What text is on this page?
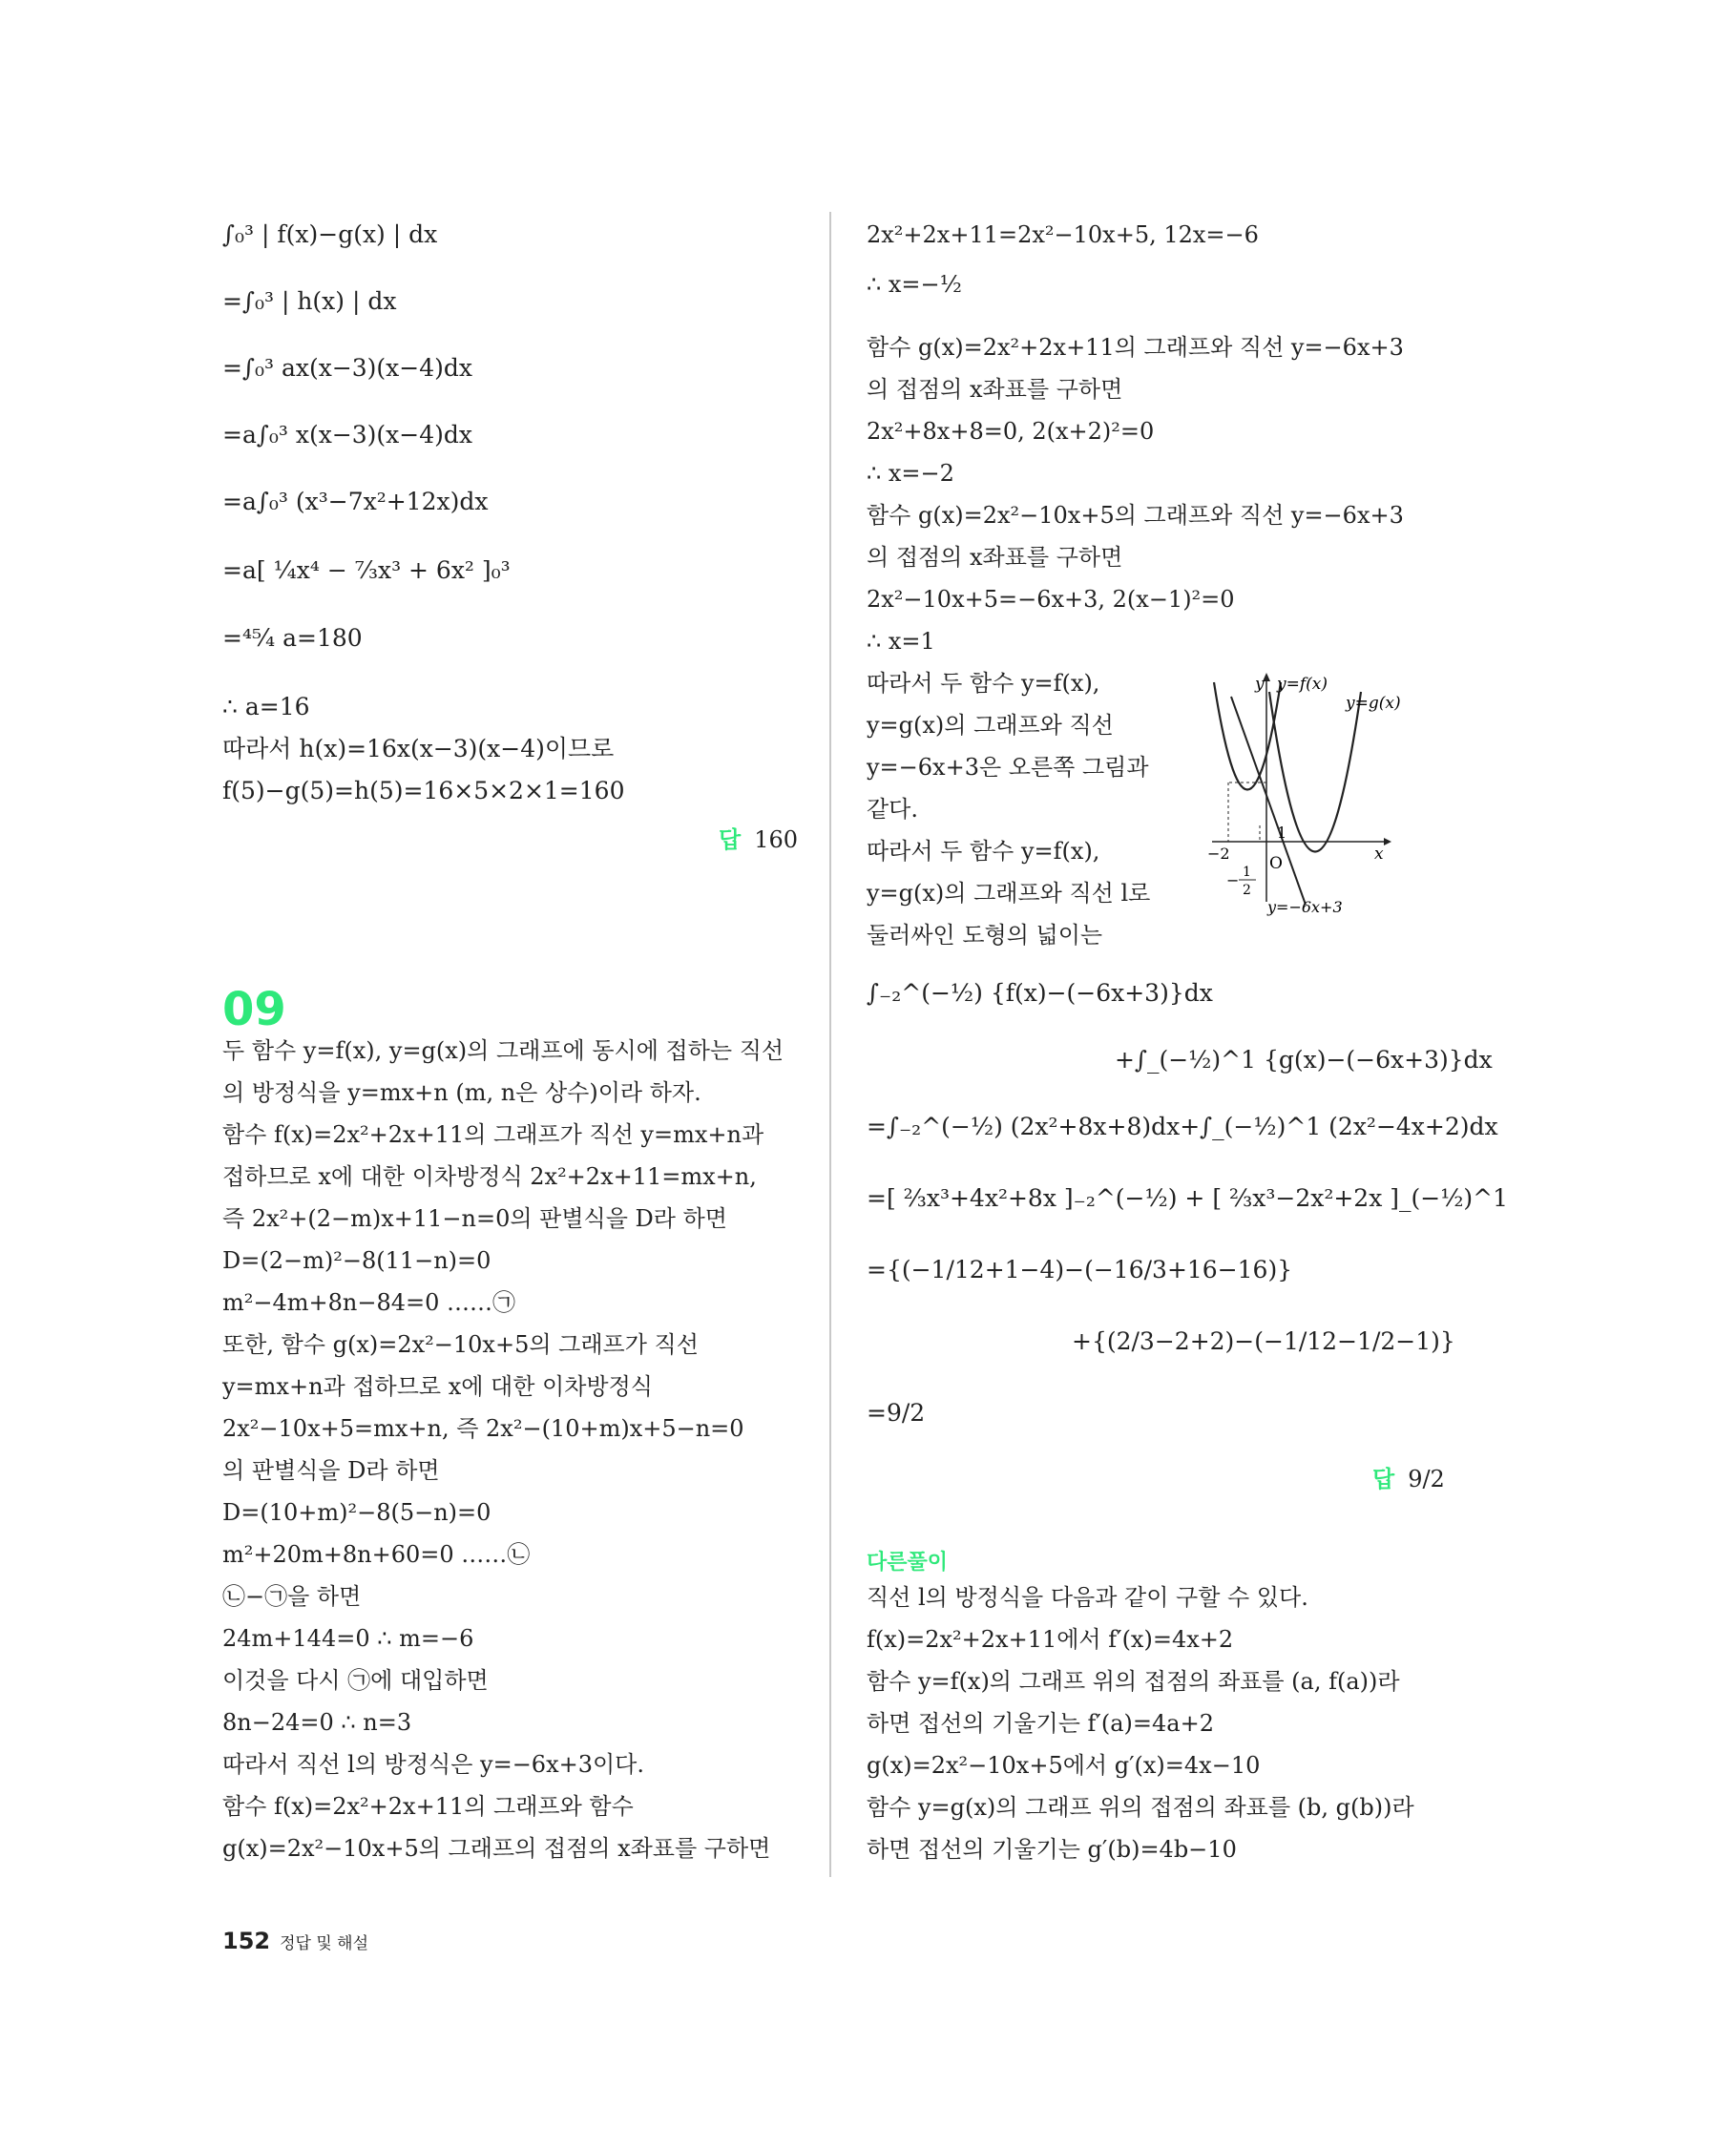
∫₀³ | f(x)−g(x) | dx
=∫₀³ | h(x) | dx
=∫₀³ ax(x−3)(x−4)dx
=a∫₀³ x(x−3)(x−4)dx
=a∫₀³ (x³−7x²+12x)dx
=a[ ¼x⁴ − ⁷⁄₃x³ + 6x² ]₀³
=⁴⁵⁄₄ a=180
∴ a=16
따라서 h(x)=16x(x−3)(x−4)이므로
f(5)−g(5)=h(5)=16×5×2×1=160
답 160
09
두 함수 y=f(x), y=g(x)의 그래프에 동시에 접하는 직선
의 방정식을 y=mx+n (m, n은 상수)이라 하자.
함수 f(x)=2x²+2x+11의 그래프가 직선 y=mx+n과
접하므로 x에 대한 이차방정식 2x²+2x+11=mx+n,
즉 2x²+(2−m)x+11−n=0의 판별식을 D라 하면
D=(2−m)²−8(11−n)=0
m²−4m+8n−84=0 ……㉠
또한, 함수 g(x)=2x²−10x+5의 그래프가 직선
y=mx+n과 접하므로 x에 대한 이차방정식
2x²−10x+5=mx+n, 즉 2x²−(10+m)x+5−n=0
의 판별식을 D라 하면
D=(10+m)²−8(5−n)=0
m²+20m+8n+60=0 ……㉡
㉡−㉠을 하면
24m+144=0 ∴ m=−6
이것을 다시 ㉠에 대입하면
8n−24=0 ∴ n=3
따라서 직선 l의 방정식은 y=−6x+3이다.
함수 f(x)=2x²+2x+11의 그래프와 함수
g(x)=2x²−10x+5의 그래프의 접점의 x좌표를 구하면
2x²+2x+11=2x²−10x+5, 12x=−6
∴ x=−½
함수 g(x)=2x²+2x+11의 그래프와 직선 y=−6x+3
의 접점의 x좌표를 구하면
2x²+8x+8=0, 2(x+2)²=0
∴ x=−2
함수 g(x)=2x²−10x+5의 그래프와 직선 y=−6x+3
의 접점의 x좌표를 구하면
2x²−10x+5=−6x+3, 2(x−1)²=0
∴ x=1
따라서 두 함수 y=f(x),
y=g(x)의 그래프와 직선
y=−6x+3은 오른쪽 그림과
같다.
따라서 두 함수 y=f(x),
y=g(x)의 그래프와 직선 l로
둘러싸인 도형의 넓이는
∫₋₂^(−½) {f(x)−(−6x+3)}dx
+∫_(−½)^1 {g(x)−(−6x+3)}dx
=∫₋₂^(−½) (2x²+8x+8)dx+∫_(−½)^1 (2x²−4x+2)dx
=[ ⅔x³+4x²+8x ]₋₂^(−½) + [ ⅔x³−2x²+2x ]_(−½)^1
={(−1/12+1−4)−(−16/3+16−16)}
+{(2/3−2+2)−(−1/12−1/2−1)}
=9/2
답 9/2
직선 l의 방정식을 다음과 같이 구할 수 있다.
f(x)=2x²+2x+11에서 f′(x)=4x+2
함수 y=f(x)의 그래프 위의 접점의 좌표를 (a, f(a))라
하면 접선의 기울기는 f′(a)=4a+2
g(x)=2x²−10x+5에서 g′(x)=4x−10
함수 y=g(x)의 그래프 위의 접점의 좌표를 (b, g(b))라
하면 접선의 기울기는 g′(b)=4b−10
다른풀이
y y=f(x)
y=g(x)
x
O
1
−2
− 1
2
y=−6x+3
152 정답 및 해설
